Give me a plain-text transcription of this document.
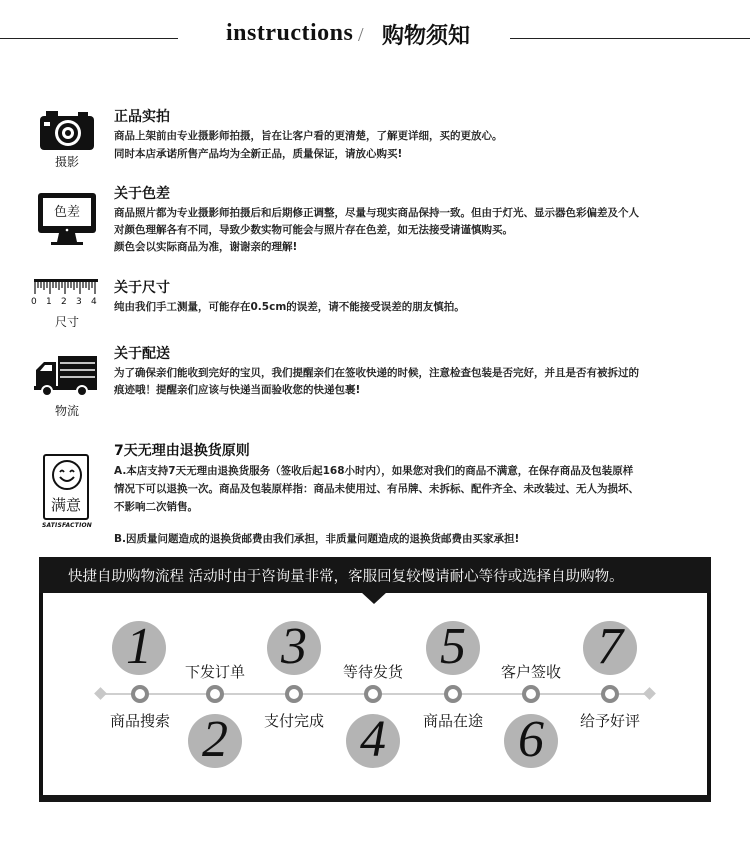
instructions / 购物须知
摄影
正品实拍
商品上架前由专业摄影师拍摄，旨在让客户看的更清楚，了解更详细，买的更放心。
同时本店承诺所售产品均为全新正品，质量保证，请放心购买!
色差
关于色差
商品照片都为专业摄影师拍摄后和后期修正调整，尽量与现实商品保持一致。但由于灯光、显示器色彩偏差及个人
对颜色理解各有不同，导致少数实物可能会与照片存在色差，如无法接受请谨慎购买。
颜色会以实际商品为准，谢谢亲的理解!
0 1 2 3 4
尺寸
关于尺寸
纯由我们手工测量，可能存在0.5cm的误差，请不能接受误差的朋友慎拍。
物流
关于配送
为了确保亲们能收到完好的宝贝，我们提醒亲们在签收快递的时候，注意检查包装是否完好，并且是否有被拆过的
痕迹哦！提醒亲们应该与快递当面验收您的快递包裹!
满意
SATISFACTION
7天无理由退换货原则
A.本店支持7天无理由退换货服务（签收后起168小时内），如果您对我们的商品不满意，在保存商品及包装原样
情况下可以退换一次。商品及包装原样指：商品未使用过、有吊牌、未拆标、配件齐全、未改装过、无人为损坏、
不影响二次销售。
B.因质量问题造成的退换货邮费由我们承担，非质量问题造成的退换货邮费由买家承担!
快捷自助购物流程 活动时由于咨询量非常，客服回复较慢请耐心等待或选择自助购物。
1
2
3
4
5
6
7
商品搜索
下发订单
支付完成
等待发货
商品在途
客户签收
给予好评
